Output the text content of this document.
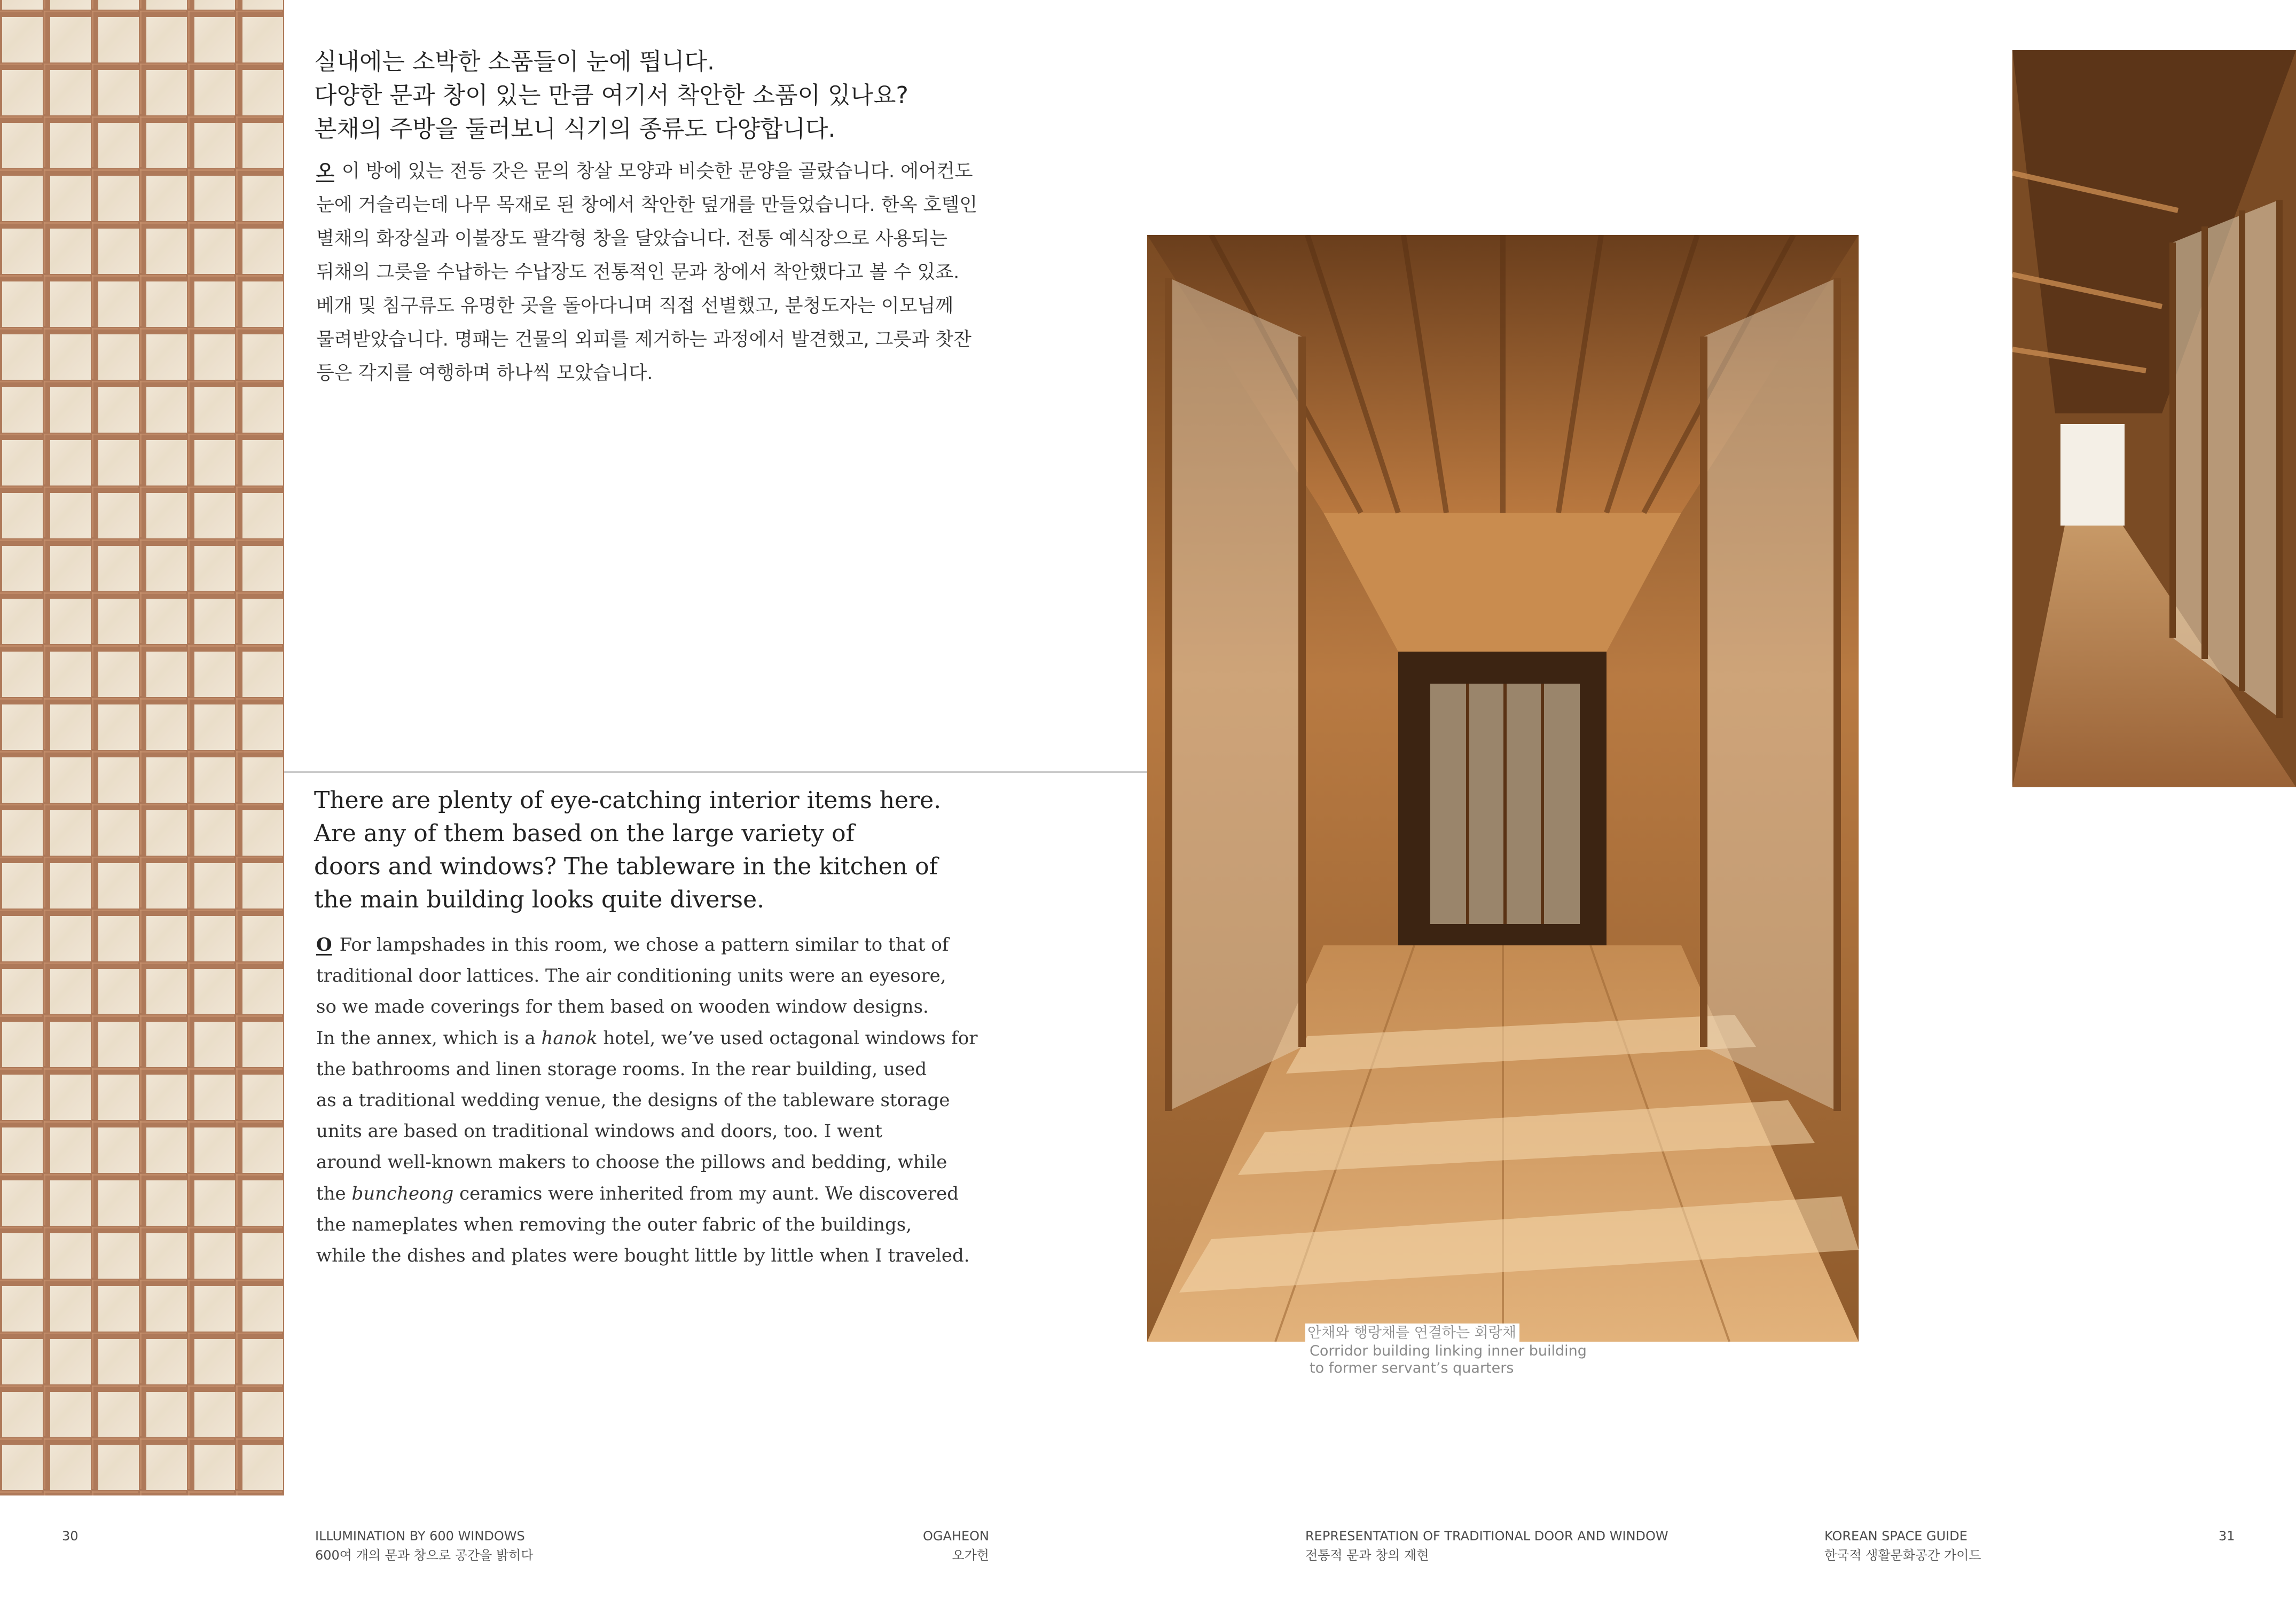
실내에는 소박한 소품들이 눈에 띕니다.
다양한 문과 창이 있는 만큼 여기서 착안한 소품이 있나요?
본채의 주방을 둘러보니 식기의 종류도 다양합니다.
오 이 방에 있는 전등 갓은 문의 창살 모양과 비슷한 문양을 골랐습니다. 에어컨도
눈에 거슬리는데 나무 목재로 된 창에서 착안한 덮개를 만들었습니다. 한옥 호텔인
별채의 화장실과 이불장도 팔각형 창을 달았습니다. 전통 예식장으로 사용되는
뒤채의 그릇을 수납하는 수납장도 전통적인 문과 창에서 착안했다고 볼 수 있죠.
베개 및 침구류도 유명한 곳을 돌아다니며 직접 선별했고, 분청도자는 이모님께
물려받았습니다. 명패는 건물의 외피를 제거하는 과정에서 발견했고, 그릇과 찻잔
등은 각지를 여행하며 하나씩 모았습니다.
There are plenty of eye-catching interior items here.
Are any of them based on the large variety of
doors and windows? The tableware in the kitchen of
the main building looks quite diverse.
O For lampshades in this room, we chose a pattern similar to that of
traditional door lattices. The air conditioning units were an eyesore,
so we made coverings for them based on wooden window designs.
In the annex, which is a hanok hotel, we’ve used octagonal windows for
the bathrooms and linen storage rooms. In the rear building, used
as a traditional wedding venue, the designs of the tableware storage
units are based on traditional windows and doors, too. I went
around well-known makers to choose the pillows and bedding, while
the buncheong ceramics were inherited from my aunt. We discovered
the nameplates when removing the outer fabric of the buildings,
while the dishes and plates were bought little by little when I traveled.
안채와 행랑채를 연결하는 회랑채
Corridor building linking inner building
to former servant’s quarters
30	ILLUMINATION BY 600 WINDOWS
600여 개의 문과 창으로 공간을 밝히다
OGAHEON
오가헌
REPRESENTATION OF TRADITIONAL DOOR AND WINDOW
전통적 문과 창의 재현
KOREAN SPACE GUIDE
한국적 생활문화공간 가이드
31
